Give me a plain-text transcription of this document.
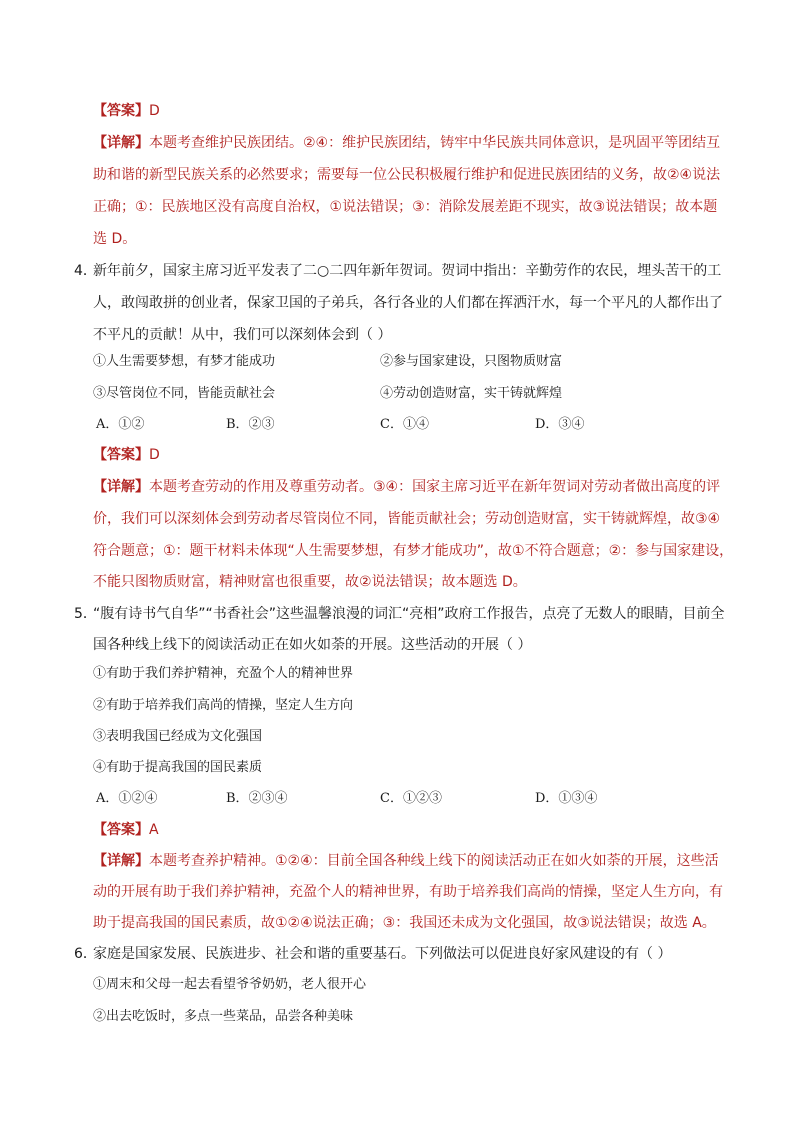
【答案】D
【详解】本题考查维护民族团结。②④：维护民族团结，铸牢中华民族共同体意识，是巩固平等团结互
助和谐的新型民族关系的必然要求；需要每一位公民积极履行维护和促进民族团结的义务，故②④说法
正确；①：民族地区没有高度自治权，①说法错误；③：消除发展差距不现实，故③说法错误；故本题
选 D。
4．
新年前夕，国家主席习近平发表了二○二四年新年贺词。贺词中指出：辛勤劳作的农民，埋头苦干的工
人，敢闯敢拼的创业者，保家卫国的子弟兵，各行各业的人们都在挥洒汗水，每一个平凡的人都作出了
不平凡的贡献！从中，我们可以深刻体会到（ ）
①人生需要梦想，有梦才能成功	②参与国家建设，只图物质财富
③尽管岗位不同，皆能贡献社会	④劳动创造财富，实干铸就辉煌
A．①②	B．②③	C．①④	D．③④
【答案】D
【详解】本题考查劳动的作用及尊重劳动者。③④：国家主席习近平在新年贺词对劳动者做出高度的评
价，我们可以深刻体会到劳动者尽管岗位不同，皆能贡献社会；劳动创造财富，实干铸就辉煌，故③④
符合题意；①：题干材料未体现“人生需要梦想，有梦才能成功”，故①不符合题意；②：参与国家建设，
不能只图物质财富，精神财富也很重要，故②说法错误；故本题选 D。
5．
“腹有诗书气自华”“书香社会”这些温馨浪漫的词汇“亮相”政府工作报告，点亮了无数人的眼睛，目前全
国各种线上线下的阅读活动正在如火如荼的开展。这些活动的开展（ ）
①有助于我们养护精神，充盈个人的精神世界
②有助于培养我们高尚的情操，坚定人生方向
③表明我国已经成为文化强国
④有助于提高我国的国民素质
A．①②④	B．②③④	C．①②③	D．①③④
【答案】A
【详解】本题考查养护精神。①②④：目前全国各种线上线下的阅读活动正在如火如荼的开展，这些活
动的开展有助于我们养护精神，充盈个人的精神世界，有助于培养我们高尚的情操，坚定人生方向，有
助于提高我国的国民素质，故①②④说法正确；③：我国还未成为文化强国，故③说法错误；故选 A。
6．
家庭是国家发展、民族进步、社会和谐的重要基石。下列做法可以促进良好家风建设的有（ ）
①周末和父母一起去看望爷爷奶奶，老人很开心
②出去吃饭时，多点一些菜品，品尝各种美味
